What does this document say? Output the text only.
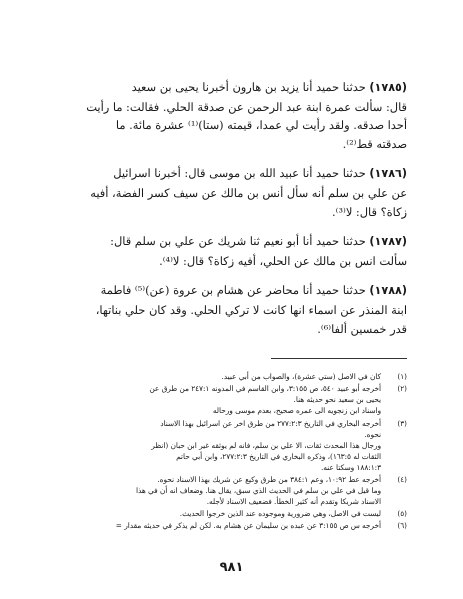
(١٧٨٥) حدثنا حميد أنا يزيد بن هارون أخبرنا يحيى بن سعيد

قال: سألت عمرة ابنة عبد الرحمن عن صدقة الحلي. فقالت: ما رأيت

أحدا صدقه. ولقد رأيت لي عمدا، قيمته (ستا)⁽¹⁾ عشرة مائة. ما

صدقته قط⁽²⁾.

(١٧٨٦) حدثنا حميد أنا عبيد الله بن موسى قال: أخبرنا اسرائيل

عن علي بن سلم أنه سأل أنس بن مالك عن سيف كسر الفضة، أفيه

زكاة؟ قال: لا⁽³⁾.

(١٧٨٧) حدثنا حميد أنا أبو نعيم ثنا شريك عن علي بن سلم قال:

سألت انس بن مالك عن الحلي، أفيه زكاة؟ قال: لا⁽⁴⁾.

(١٧٨٨) حدثنا حميد أنا محاضر عن هشام بن عروة (عن)⁽⁵⁾ فاطمة

ابنة المنذر عن اسماء انها كانت لا تركي الحلي. وقد كان حلي بناتها،

قدر خمسين ألفا⁽⁶⁾.

(١)

كان في الاصل (ستي عشرة)، والصواب من أبي عبيد.

(٢)

أخرجه أبو عبيد ٥٤٠، ص ٣:١٥٥، وابن القاسم في المدونه ٢٤٧:١ من طرق عن

يحيى بن سعيد نحو حديثه هنا.

واسناد ابن زنجويه الى عمره صحيح، بعدم موسى ورحاله

(٣)

أخرجه البخاري في التاريخ ٢٧٧:٢:٣ من طرق اخر عن اسرائيل بهذا الاسناد

نحوه.

ورجال هذا المحدث ثقات، الا علي بن سلم، فانه لم يوثقه غير ابن حبان (انظر

الثقات له ١٦٣:٥)، وذكره البخاري في التاريخ ٢٧٧:٢:٣، وابن أبي حاتم

١٨٨:١:٣ وسكتا عنه.

(٤)

أخرجه عط ١٠:٩٢، وعم ٣٨٤:١ من طرق وكيع عن شريك بهذا الاسناد نحوه.

وما قيل في علي بن سلم في الحديث الذي سبق، يقال هنا. وضعاف انه أن في هذا

الاسناد شريكا وتقدم أنه كثير الخطأ. فضعيف الاسناد لأجله.

(٥)

ليست في الاصل، وهي ضرورية وموجوده عند الذين خرجوا الحديث.

(٦)

أخرجه س ص ٣:١٥٥ عن عبده بن سليمان عن هشام به. لكن لم يذكر في حديثه مقدار =

٩٨١
